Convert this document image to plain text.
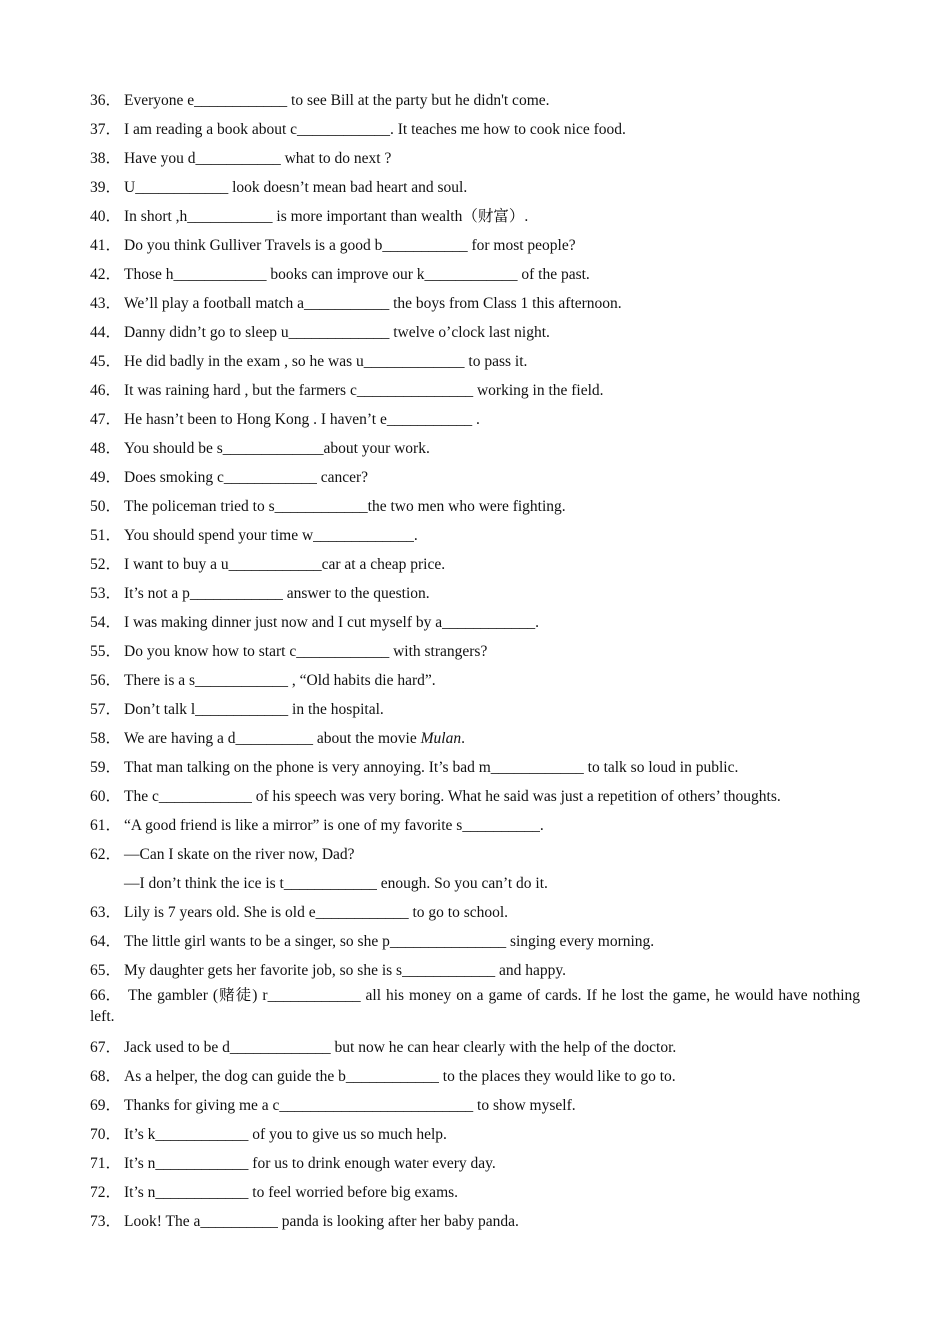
36． Everyone e____________ to see Bill at the party but he didn't come.
37． I am reading a book about c____________. It teaches me how to cook nice food.
38． Have you d___________ what to do next ?
39． U____________ look doesn’t mean bad heart and soul.
40． In short ,h___________ is more important than wealth（财富）.
41． Do you think Gulliver Travels is a good b___________ for most people?
42． Those h____________ books can improve our k____________ of the past.
43． We’ll play a football match a___________ the boys from Class 1 this afternoon.
44． Danny didn’t go to sleep u_____________ twelve o’clock last night.
45． He did badly in the exam , so he was u_____________ to pass it.
46． It was raining hard , but the farmers c_______________ working in the field.
47． He hasn’t been to Hong Kong . I haven’t e___________ .
48． You should be s_____________about your work.
49． Does smoking c____________ cancer?
50． The policeman tried to s____________the two men who were fighting.
51． You should spend your time w_____________.
52． I want to buy a u____________car at a cheap price.
53． It’s not a p____________ answer to the question.
54． I was making dinner just now and I cut myself by a____________.
55． Do you know how to start c____________ with strangers?
56． There is a s____________ , “Old habits die hard”.
57． Don’t talk l____________ in the hospital.
58． We are having a d__________ about the movie Mulan.
59． That man talking on the phone is very annoying. It’s bad m____________ to talk so loud in public.
60． The c____________ of his speech was very boring. What he said was just a repetition of others’ thoughts.
61． “A good friend is like a mirror” is one of my favorite s__________.
62． —Can I skate on the river now, Dad?
—I don’t think the ice is t____________ enough. So you can’t do it.
63． Lily is 7 years old. She is old e____________ to go to school.
64． The little girl wants to be a singer, so she p_______________ singing every morning.
65． My daughter gets her favorite job, so she is s____________ and happy.
66． The gambler (赌徒) r____________ all his money on a game of cards. If he lost the game, he would have nothing left.
67． Jack used to be d_____________ but now he can hear clearly with the help of the doctor.
68． As a helper, the dog can guide the b____________ to the places they would like to go to.
69． Thanks for giving me a c_________________________ to show myself.
70． It’s k____________ of you to give us so much help.
71． It’s n____________ for us to drink enough water every day.
72． It’s n____________ to feel worried before big exams.
73． Look! The a__________ panda is looking after her baby panda.
